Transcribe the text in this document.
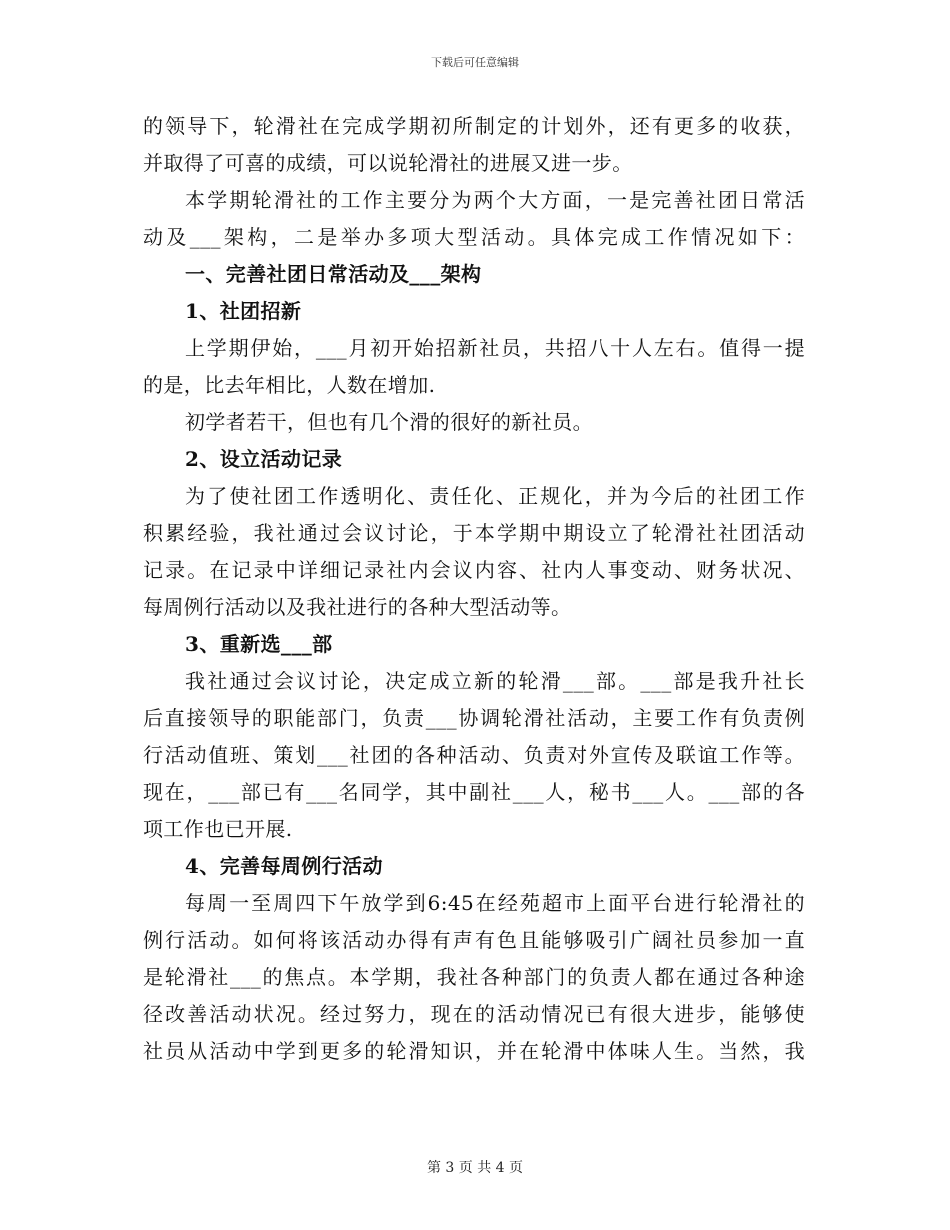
下载后可任意编辑
的领导下，轮滑社在完成学期初所制定的计划外，还有更多的收获，
并取得了可喜的成绩，可以说轮滑社的进展又进一步。
本学期轮滑社的工作主要分为两个大方面，一是完善社团日常活
动及___架构，二是举办多项大型活动。具体完成工作情况如下：
一、完善社团日常活动及___架构
1、社团招新
上学期伊始，___月初开始招新社员，共招八十人左右。值得一提
的是，比去年相比，人数在增加.
初学者若干，但也有几个滑的很好的新社员。
2、设立活动记录
为了使社团工作透明化、责任化、正规化，并为今后的社团工作
积累经验，我社通过会议讨论，于本学期中期设立了轮滑社社团活动
记录。在记录中详细记录社内会议内容、社内人事变动、财务状况、
每周例行活动以及我社进行的各种大型活动等。
3、重新选___部
我社通过会议讨论，决定成立新的轮滑___部。___部是我升社长
后直接领导的职能部门，负责___协调轮滑社活动，主要工作有负责例
行活动值班、策划___社团的各种活动、负责对外宣传及联谊工作等。
现在，___部已有___名同学，其中副社___人，秘书___人。___部的各
项工作也已开展.
4、完善每周例行活动
每周一至周四下午放学到6:45在经苑超市上面平台进行轮滑社的
例行活动。如何将该活动办得有声有色且能够吸引广阔社员参加一直
是轮滑社___的焦点。本学期，我社各种部门的负责人都在通过各种途
径改善活动状况。经过努力，现在的活动情况已有很大进步，能够使
社员从活动中学到更多的轮滑知识，并在轮滑中体味人生。当然，我
第 3 页 共 4 页
